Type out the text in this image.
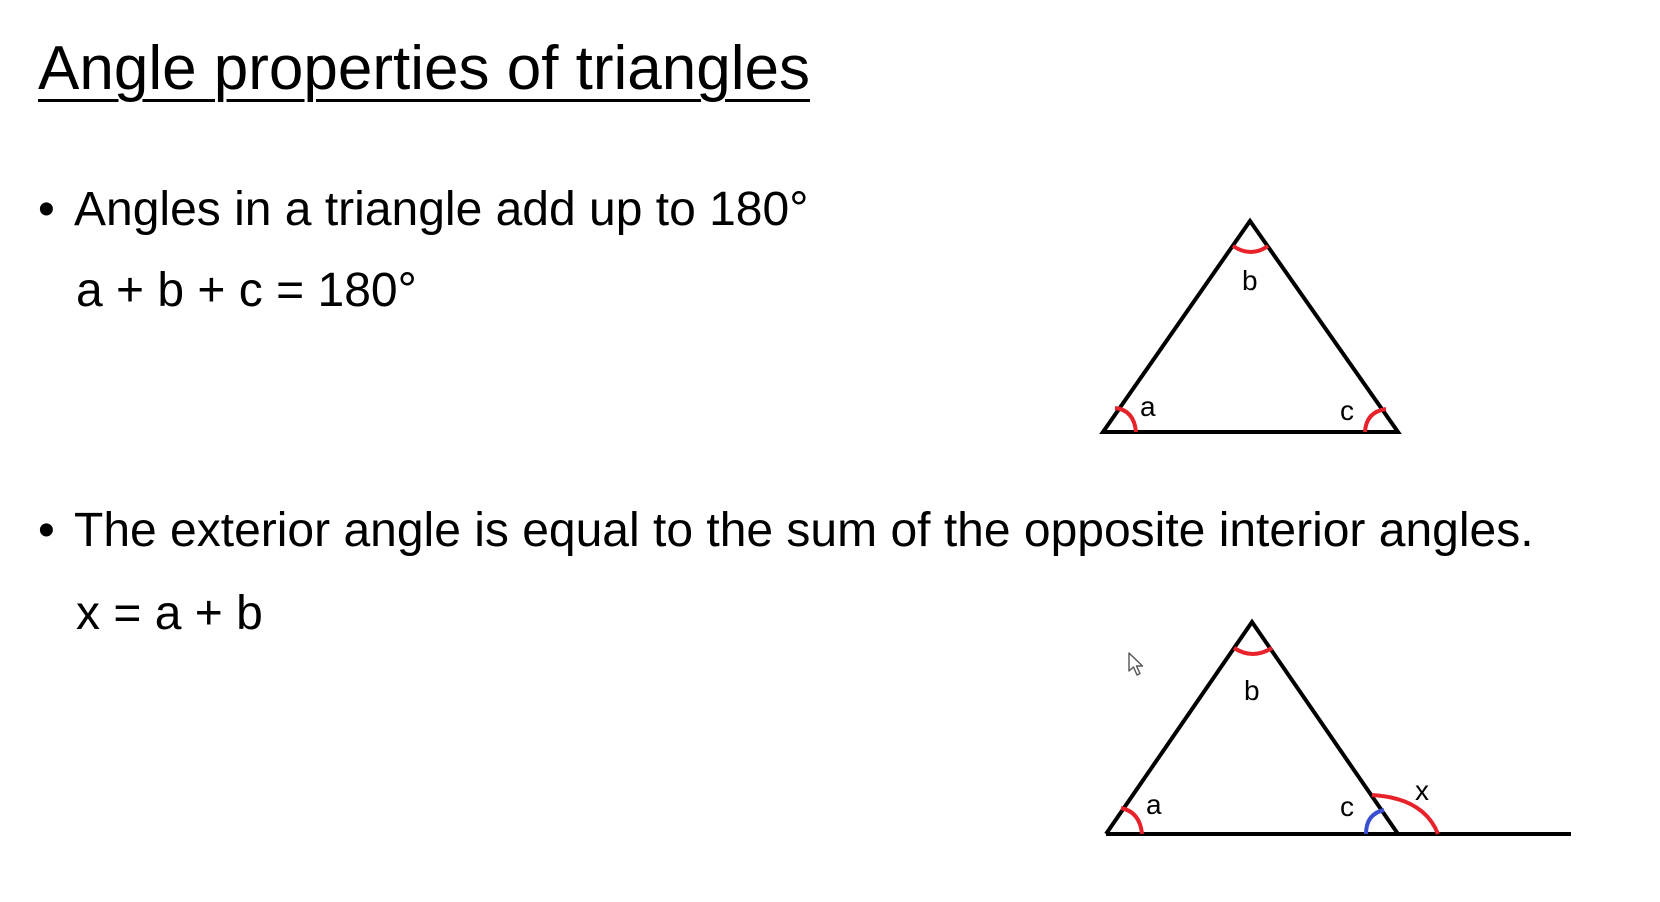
Angle properties of triangles
• Angles in a triangle add up to 180°
a + b + c = 180°
• The exterior angle is equal to the sum of the opposite interior angles.
x = a + b
a
b
c
a
b
c
x
